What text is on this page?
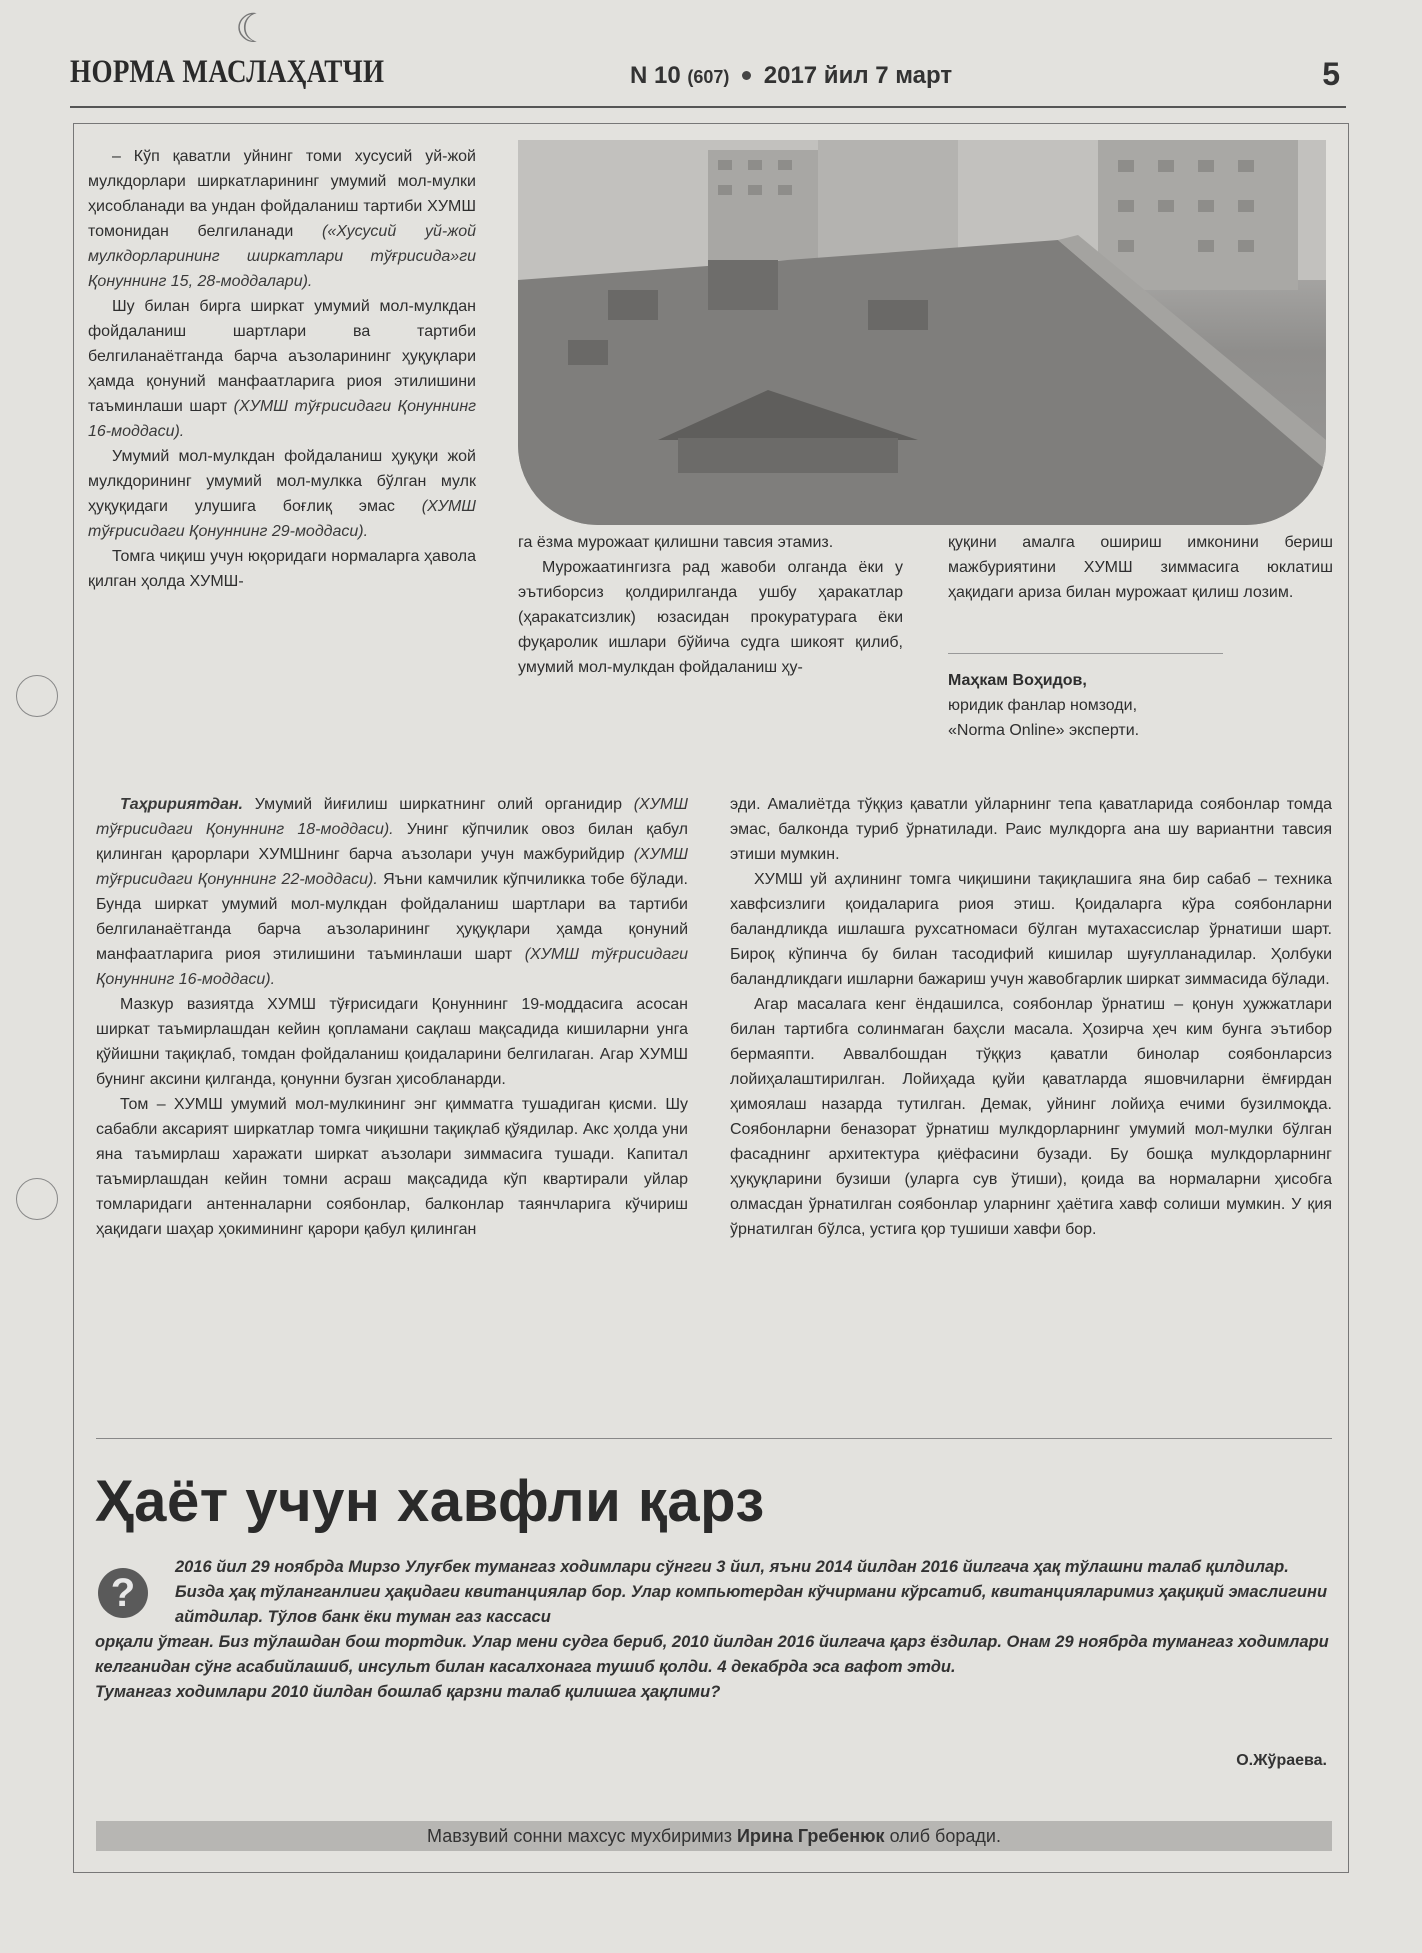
☾
НОРМА МАСЛАҲАТЧИ	N 10 (607) 2017 йил 7 март	5

– Кўп қаватли уйнинг томи хусусий уй-жой мулкдорлари ширкатларининг умумий мол-мулки ҳисобланади ва ундан фойдаланиш тартиби ХУМШ томонидан белгиланади («Хусусий уй-жой мулкдорларининг ширкатлари тўғрисида»ги Қонуннинг 15, 28-моддалари).

Шу билан бирга ширкат умумий мол-мулкдан фойдаланиш шартлари ва тартиби белгиланаётганда барча аъзоларининг ҳуқуқлари ҳамда қонуний манфаатларига риоя этилишини таъминлаши шарт (ХУМШ тўғрисидаги Қонуннинг 16-моддаси).

Умумий мол-мулкдан фойдаланиш ҳуқуқи жой мулкдорининг умумий мол-мулкка бўлган мулк ҳуқуқидаги улушига боғлиқ эмас (ХУМШ тўғрисидаги Қонуннинг 29-моддаси).

Томга чиқиш учун юқоридаги нормаларга ҳавола қилган ҳолда ХУМШ-

га ёзма мурожаат қилишни тавсия этамиз.

Мурожаатингизга рад жавоби олганда ёки у эътиборсиз қолдирилганда ушбу ҳаракатлар (ҳаракатсизлик) юзасидан прокуратурага ёки фуқаролик ишлари бўйича судга шикоят қилиб, умумий мол-мулкдан фойдаланиш ҳу-

қуқини амалга ошириш имконини бериш мажбуриятини ХУМШ зиммасига юклатиш ҳақидаги ариза билан мурожаат қилиш лозим.

Маҳкам Воҳидов,
юридик фанлар номзоди,
«Norma Online» эксперти.

Таҳририятдан. Умумий йиғилиш ширкатнинг олий органидир (ХУМШ тўғрисидаги Қонуннинг 18-моддаси). Унинг кўпчилик овоз билан қабул қилинган қарорлари ХУМШнинг барча аъзолари учун мажбурийдир (ХУМШ тўғрисидаги Қонуннинг 22-моддаси). Яъни камчилик кўпчиликка тобе бўлади. Бунда ширкат умумий мол-мулкдан фойдаланиш шартлари ва тартиби белгиланаётганда барча аъзоларининг ҳуқуқлари ҳамда қонуний манфаатларига риоя этилишини таъминлаши шарт (ХУМШ тўғрисидаги Қонуннинг 16-моддаси).

Мазкур вазиятда ХУМШ тўғрисидаги Қонуннинг 19-моддасига асосан ширкат таъмирлашдан кейин қопламани сақлаш мақсадида кишиларни унга қўйишни тақиқлаб, томдан фойдаланиш қоидаларини белгилаган. Агар ХУМШ бунинг аксини қилганда, қонунни бузган ҳисобланарди.

Том – ХУМШ умумий мол-мулкининг энг қимматга тушадиган қисми. Шу сабабли аксарият ширкатлар томга чиқишни тақиқлаб қўядилар. Акс ҳолда уни яна таъмирлаш харажати ширкат аъзолари зиммасига тушади. Капитал таъмирлашдан кейин томни асраш мақсадида кўп квартирали уйлар томларидаги антенналарни соябонлар, балконлар таянчларига кўчириш ҳақидаги шаҳар ҳокимининг қарори қабул қилинган

эди. Амалиётда тўққиз қаватли уйларнинг тепа қаватларида соябонлар томда эмас, балконда туриб ўрнатилади. Раис мулкдорга ана шу вариантни тавсия этиши мумкин.

ХУМШ уй аҳлининг томга чиқишини тақиқлашига яна бир сабаб – техника хавфсизлиги қоидаларига риоя этиш. Қоидаларга кўра соябонларни баландликда ишлашга рухсатномаси бўлган мутахассислар ўрнатиши шарт. Бироқ кўпинча бу билан тасодифий кишилар шуғулланадилар. Ҳолбуки баландликдаги ишларни бажариш учун жавобгарлик ширкат зиммасида бўлади.

Агар масалага кенг ёндашилса, соябонлар ўрнатиш – қонун ҳужжатлари билан тартибга солинмаган баҳсли масала. Ҳозирча ҳеч ким бунга эътибор бермаяпти. Аввалбошдан тўққиз қаватли бинолар соябонларсиз лойиҳалаштирилган. Лойиҳада қуйи қаватларда яшовчиларни ёмғирдан ҳимоялаш назарда тутилган. Демак, уйнинг лойиҳа ечими бузилмоқда. Соябонларни беназорат ўрнатиш мулкдорларнинг умумий мол-мулки бўлган фасаднинг архитектура қиёфасини бузади. Бу бошқа мулкдорларнинг ҳуқуқларини бузиши (уларга сув ўтиши), қоида ва нормаларни ҳисобга олмасдан ўрнатилган соябонлар уларнинг ҳаётига хавф солиши мумкин. У қия ўрнатилган бўлса, устига қор тушиши хавфи бор.

Ҳаёт учун хавфли қарз
?
2016 йил 29 ноябрда Мирзо Улуғбек тумангаз ходимлари сўнгги 3 йил, яъни 2014 йилдан 2016 йилгача ҳақ тўлашни талаб қилдилар. Бизда ҳақ тўланганлиги ҳақидаги квитанциялар бор. Улар компьютердан кўчирмани кўрсатиб, квитанцияларимиз ҳақиқий эмаслигини айтдилар. Тўлов банк ёки туман газ кассаси
орқали ўтган. Биз тўлашдан бош тортдик. Улар мени судга бериб, 2010 йилдан 2016 йилгача қарз ёздилар. Онам 29 ноябрда тумангаз ходимлари келганидан сўнг асабийлашиб, инсульт билан касалхонага тушиб қолди. 4 декабрда эса вафот этди.
Тумангаз ходимлари 2010 йилдан бошлаб қарзни талаб қилишга ҳақлими?
О.Жўраева.
Мавзувий сонни махсус мухбиримиз Ирина Гребенюк олиб боради.
